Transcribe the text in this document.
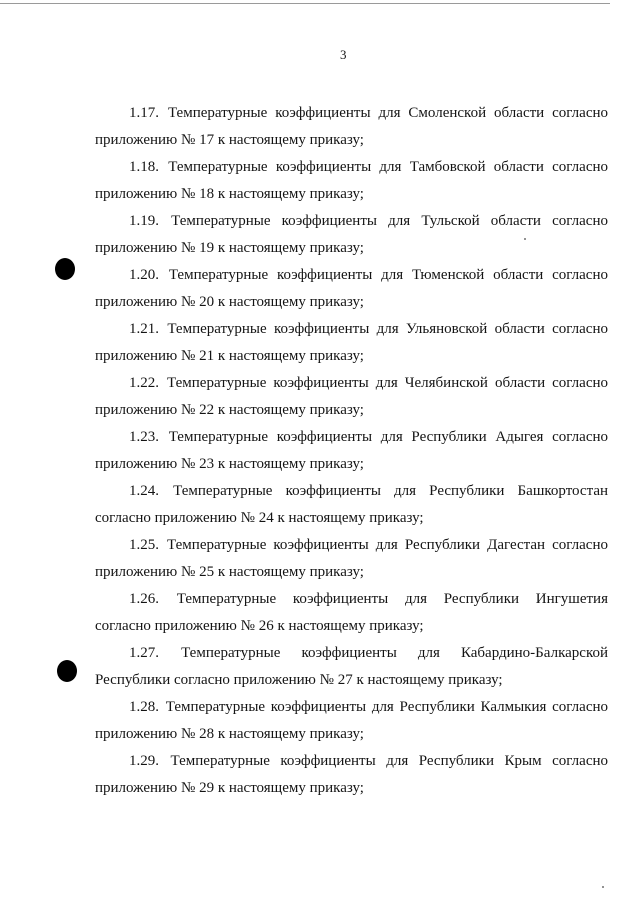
3
1.17. Температурные коэффициенты для Смоленской области согласно
приложению № 17 к настоящему приказу;
1.18. Температурные коэффициенты для Тамбовской области согласно
приложению № 18 к настоящему приказу;
1.19. Температурные коэффициенты для Тульской области согласно
приложению № 19 к настоящему приказу;
1.20. Температурные коэффициенты для Тюменской области согласно
приложению № 20 к настоящему приказу;
1.21. Температурные коэффициенты для Ульяновской области согласно
приложению № 21 к настоящему приказу;
1.22. Температурные коэффициенты для Челябинской области согласно
приложению № 22 к настоящему приказу;
1.23. Температурные коэффициенты для Республики Адыгея согласно
приложению № 23 к настоящему приказу;
1.24. Температурные коэффициенты для Республики Башкортостан
согласно приложению № 24 к настоящему приказу;
1.25. Температурные коэффициенты для Республики Дагестан согласно
приложению № 25 к настоящему приказу;
1.26. Температурные коэффициенты для Республики Ингушетия
согласно приложению № 26 к настоящему приказу;
1.27. Температурные коэффициенты для Кабардино-Балкарской
Республики согласно приложению № 27 к настоящему приказу;
1.28. Температурные коэффициенты для Республики Калмыкия согласно
приложению № 28 к настоящему приказу;
1.29. Температурные коэффициенты для Республики Крым согласно
приложению № 29 к настоящему приказу;
